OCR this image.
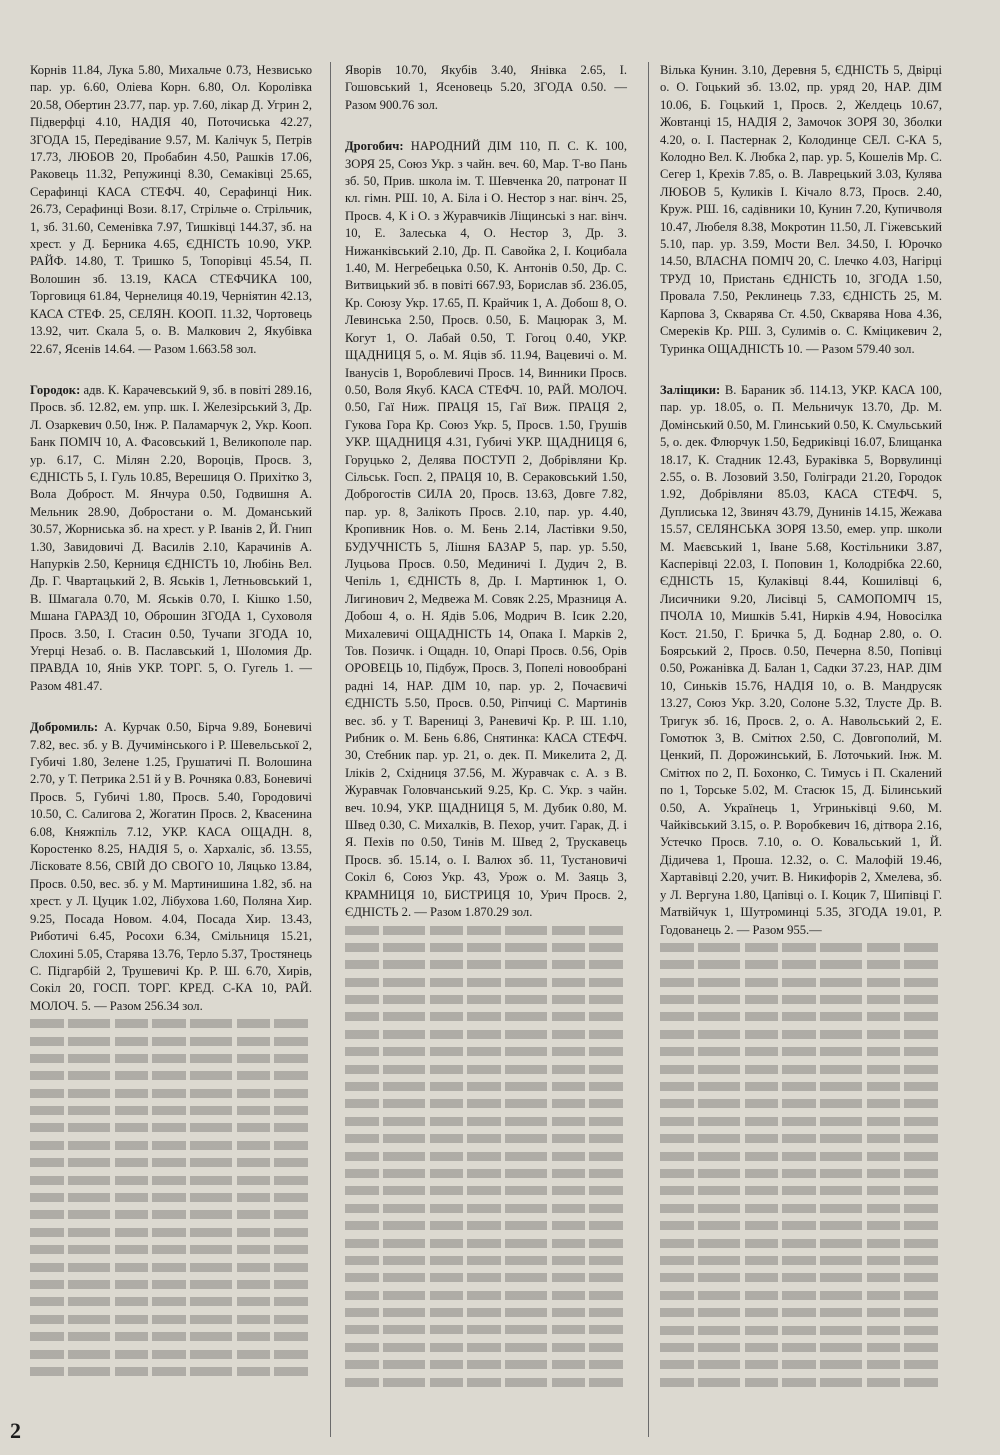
Корнів 11.84, Лука 5.80, Михальче 0.73, Незвисько пар. ур. 6.60, Оліева Корн. 6.80, Ол. Королівка 20.58, Обертин 23.77, пар. ур. 7.60, лікар Д. Угрин 2, Підверфці 4.10, НАДІЯ 40, Поточиська 42.27, ЗГОДА 15, Передівание 9.57, М. Калічук 5, Петрів 17.73, ЛЮБОВ 20, Пробабин 4.50, Рашків 17.06, Раковець 11.32, Репужинці 8.30, Семаківці 25.65, Серафинці КАСА СТЕФЧ. 40, Серафинці Ник. 26.73, Серафинці Вози. 8.17, Стрільче о. Стрільчик, 1, зб. 31.60, Семенівка 7.97, Тишківці 144.37, зб. на хрест. у Д. Берника 4.65, ЄДНІСТЬ 10.90, УКР. РАЙФ. 14.80, Т. Тришко 5, Топорівці 45.54, П. Волошин зб. 13.19, КАСА СТЕФЧИКА 100, Торговиця 61.84, Чернелиця 40.19, Черніятин 42.13, КАСА СТЕФ. 25, СЕЛЯН. КООП. 11.32, Чортовець 13.92, чит. Скала 5, о. В. Малкович 2, Якубівка 22.67, Ясенів 14.64. — Разом 1.663.58 зол.

Городок: адв. К. Карачевський 9, зб. в повіті 289.16, Просв. зб. 12.82, ем. упр. шк. І. Железірський 3, Др. Л. Озаркевич 0.50, Інж. Р. Паламарчук 2, Укр. Кооп. Банк ПОМІЧ 10, А. Фасовський 1, Великополе пар. ур. 6.17, С. Мілян 2.20, Вороців, Просв. 3, ЄДНІСТЬ 5, І. Гуль 10.85, Верешиця О. Прихітко 3, Вола Доброст. М. Янчура 0.50, Годвишня А. Мельник 28.90, Добростани о. М. Доманський 30.57, Жорниська зб. на хрест. у Р. Іванів 2, Й. Гнип 1.30, Завидовичі Д. Василів 2.10, Карачинів А. Напурків 2.50, Керниця ЄДНІСТЬ 10, Любінь Вел. Др. Г. Чвартацький 2, В. Яськів 1, Летньовський 1, В. Шмагала 0.70, М. Яськів 0.70, І. Кішко 1.50, Мшана ГАРАЗД 10, Оброшин ЗГОДА 1, Суховоля Просв. 3.50, І. Стасин 0.50, Тучапи ЗГОДА 10, Угерці Незаб. о. В. Паславський 1, Шоломия Др. ПРАВДА 10, Янів УКР. ТОРГ. 5, О. Гугель 1. — Разом 481.47.

Добромиль: А. Курчак 0.50, Бірча 9.89, Боневичі 7.82, вес. зб. у В. Дучимінського і Р. Шевельської 2, Губичі 1.80, Зелене 1.25, Грушатичі П. Волошина 2.70, у Т. Петрика 2.51 й у В. Рочняка 0.83, Боневичі Просв. 5, Губичі 1.80, Просв. 5.40, Городовичі 10.50, С. Салигова 2, Жогатин Просв. 2, Квасенина 6.08, Княжпіль 7.12, УКР. КАСА ОЩАДН. 8, Коростенко 8.25, НАДІЯ 5, о. Хархаліс, зб. 13.55, Лісковате 8.56, СВІЙ ДО СВОГО 10, Ляцько 13.84, Просв. 0.50, вес. зб. у М. Мартинишина 1.82, зб. на хрест. у Л. Цуцик 1.02, Лібухова 1.60, Поляна Хир. 9.25, Посада Новом. 4.04, Посада Хир. 13.43, Риботичі 6.45, Росохи 6.34, Смільниця 15.21, Слохині 5.05, Старява 13.76, Терло 5.37, Тростянець С. Підгарбій 2, Трушевичі Кр. Р. Ш. 6.70, Хирів, Сокіл 20, ГОСП. ТОРГ. КРЕД. С-КА 10, РАЙ. МОЛОЧ. 5. — Разом 256.34 зол.

Яворів 10.70, Якубів 3.40, Янівка 2.65, І. Гошовський 1, Ясеновець 5.20, ЗГОДА 0.50. — Разом 900.76 зол.

Дрогобич: НАРОДНИЙ ДІМ 110, П. С. К. 100, ЗОРЯ 25, Союз Укр. з чайн. веч. 60, Мар. Т-во Пань зб. 50, Прив. школа ім. Т. Шевченка 20, патронат ІІ кл. гімн. РШ. 10, А. Біла і О. Нестор з наг. вінч. 25, Просв. 4, К і О. з Журавчиків Ліщинські з наг. вінч. 10, Е. Залеська 4, О. Нестор 3, Др. З. Нижанківський 2.10, Др. П. Савойка 2, І. Коцибала 1.40, М. Негребецька 0.50, К. Антонів 0.50, Др. С. Витвицький зб. в повіті 667.93, Борислав зб. 236.05, Кр. Союзу Укр. 17.65, П. Крайчик 1, А. Добош 8, О. Левинська 2.50, Просв. 0.50, Б. Мацюрак 3, М. Когут 1, О. Лабай 0.50, Т. Гогоц 0.40, УКР. ЩАДНИЦЯ 5, о. М. Яців зб. 11.94, Вацевичі о. М. Іванусів 1, Вороблевичі Просв. 14, Винники Просв. 0.50, Воля Якуб. КАСА СТЕФЧ. 10, РАЙ. МОЛОЧ. 0.50, Гаї Ниж. ПРАЦЯ 15, Гаї Виж. ПРАЦЯ 2, Гукова Гора Кр. Союз Укр. 5, Просв. 1.50, Грушів УКР. ЩАДНИЦЯ 4.31, Губичі УКР. ЩАДНИЦЯ 6, Горуцько 2, Делява ПОСТУП 2, Добрівляни Кр. Сільськ. Госп. 2, ПРАЦЯ 10, В. Сераковський 1.50, Доброгостів СИЛА 20, Просв. 13.63, Довге 7.82, пар. ур. 8, Залікоть Просв. 2.10, пар. ур. 4.40, Кропивник Нов. о. М. Бень 2.14, Ластівки 9.50, БУДУЧНІСТЬ 5, Лішня БАЗАР 5, пар. ур. 5.50, Луцьова Просв. 0.50, Мединичі І. Дудич 2, В. Чепіль 1, ЄДНІСТЬ 8, Др. І. Мартинюк 1, О. Лигинович 2, Медвежа М. Совяк 2.25, Мразниця А. Добош 4, о. Н. Ядів 5.06, Модрич В. Ісик 2.20, Михалевичі ОЩАДНІСТЬ 14, Опака І. Марків 2, Тов. Позичк. і Ощадн. 10, Опарі Просв. 0.56, Орів ОРОВЕЦЬ 10, Підбуж, Просв. 3, Попелі новообрані радні 14, НАР. ДІМ 10, пар. ур. 2, Почаєвичі ЄДНІСТЬ 5.50, Просв. 0.50, Ріпчиці С. Мартинів вес. зб. у Т. Варениці 3, Раневичі Кр. Р. Ш. 1.10, Рибник о. М. Бень 6.86, Снятинка: КАСА СТЕФЧ. 30, Стебник пар. ур. 21, о. дек. П. Микелита 2, Д. Іліків 2, Східниця 37.56, М. Журавчак с. А. з В. Журавчак Головчанський 9.25, Кр. С. Укр. з чайн. веч. 10.94, УКР. ЩАДНИЦЯ 5, М. Дубик 0.80, М. Швед 0.30, С. Михалків, В. Пехор, учит. Гарак, Д. і Я. Пехів по 0.50, Тинів М. Швед 2, Трускавець Просв. зб. 15.14, о. І. Валюх зб. 11, Тустановичі Сокіл 6, Союз Укр. 43, Урож о. М. Заяць 3, КРАМНИЦЯ 10, БИСТРИЦЯ 10, Урич Просв. 2, ЄДНІСТЬ 2. — Разом 1.870.29 зол.

Вілька Кунин. 3.10, Деревня 5, ЄДНІСТЬ 5, Двірці о. О. Гоцький зб. 13.02, пр. уряд 20, НАР. ДІМ 10.06, Б. Гоцький 1, Просв. 2, Желдець 10.67, Жовтанці 15, НАДІЯ 2, Замочок ЗОРЯ 30, Зболки 4.20, о. І. Пастернак 2, Колодинце СЕЛ. С-КА 5, Колодно Вел. К. Любка 2, пар. ур. 5, Кошелів Мр. С. Сегер 1, Крехів 7.85, о. В. Лаврецький 3.03, Кулява ЛЮБОВ 5, Куликів І. Кічало 8.73, Просв. 2.40, Круж. РШ. 16, садівники 10, Кунин 7.20, Купичволя 10.47, Любеля 8.38, Мокротин 11.50, Л. Гіжевський 5.10, пар. ур. 3.59, Мости Вел. 34.50, І. Юрочко 14.50, ВЛАСНА ПОМІЧ 20, С. Ілечко 4.03, Нагірці ТРУД 10, Пристань ЄДНІСТЬ 10, ЗГОДА 1.50, Провала 7.50, Реклинець 7.33, ЄДНІСТЬ 25, М. Карпова 3, Скварява Ст. 4.50, Скварява Нова 4.36, Смереків Кр. РШ. 3, Сулимів о. С. Кміцикевич 2, Туринка ОЩАДНІСТЬ 10. — Разом 579.40 зол.

Заліщики: В. Бараник зб. 114.13, УКР. КАСА 100, пар. ур. 18.05, о. П. Мельничук 13.70, Др. М. Домінський 0.50, М. Глинський 0.50, К. Смульський 5, о. дек. Флюрчук 1.50, Бедриківці 16.07, Блищанка 18.17, К. Стадник 12.43, Бураківка 5, Ворвулинці 2.55, о. В. Лозовий 3.50, Голігради 21.20, Городок 1.92, Добрівляни 85.03, КАСА СТЕФЧ. 5, Дуплиська 12, Звиняч 43.79, Дунинів 14.15, Жежава 15.57, СЕЛЯНСЬКА ЗОРЯ 13.50, емер. упр. школи М. Маєвський 1, Іване 5.68, Костільники 3.87, Касперівці 22.03, І. Поповин 1, Колодрібка 22.60, ЄДНІСТЬ 15, Кулаківці 8.44, Кошилівці 6, Лисичники 9.20, Лисівці 5, САМОПОМІЧ 15, ПЧОЛА 10, Мишків 5.41, Нирків 4.94, Новосілка Кост. 21.50, Г. Бричка 5, Д. Боднар 2.80, о. О. Боярський 2, Просв. 0.50, Печерна 8.50, Попівці 0.50, Рожанівка Д. Балан 1, Садки 37.23, НАР. ДІМ 10, Синьків 15.76, НАДІЯ 10, о. В. Мандрусяк 13.27, Союз Укр. 3.20, Солоне 5.32, Тлусте Др. В. Тригук зб. 16, Просв. 2, о. А. Навольський 2, Е. Гомотюк 3, В. Смітюх 2.50, С. Довгополий, М. Ценкий, П. Дорожинський, Б. Лоточький. Інж. М. Смітюх по 2, П. Бохонко, С. Тимусь і П. Скалений по 1, Торське 5.02, М. Стасюк 15, Д. Білинський 0.50, А. Українець 1, Угриньківці 9.60, М. Чайківський 3.15, о. Р. Воробкевич 16, дітвора 2.16, Устечко Просв. 7.10, о. О. Ковальський 1, Й. Дідичева 1, Проша. 12.32, о. С. Малофій 19.46, Хартавівці 2.20, учит. В. Никифорів 2, Хмелева, зб. у Л. Вергуна 1.80, Цапівці о. І. Коцик 7, Шипівці Г. Матвійчук 1, Шутроминці 5.35, ЗГОДА 19.01, Р. Годованець 2. — Разом 955.—

2
